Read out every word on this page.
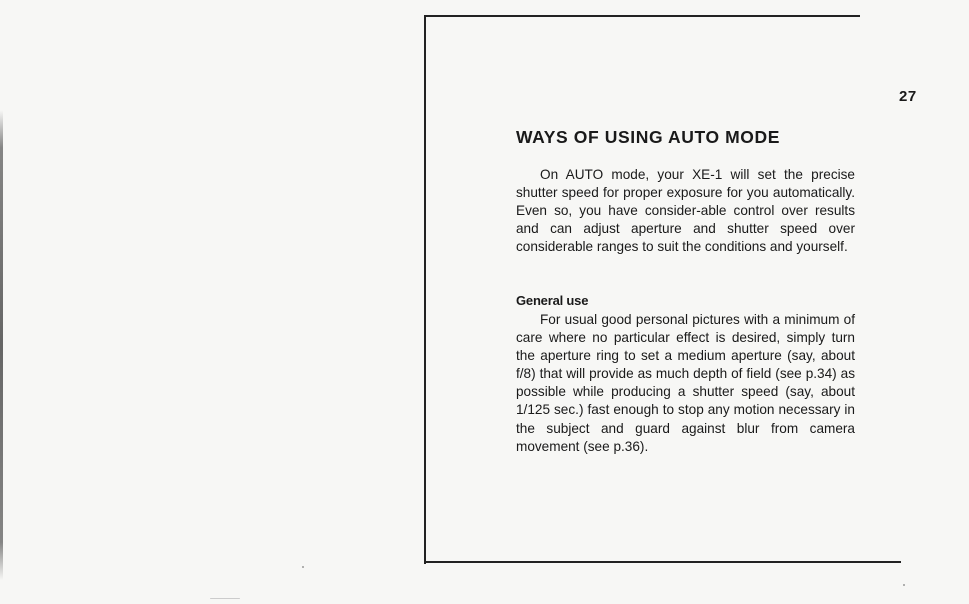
27
WAYS OF USING AUTO MODE
On AUTO mode, your XE-1 will set the precise shutter speed for proper exposure for you automatically. Even so, you have consider-able control over results and can adjust aperture and shutter speed over considerable ranges to suit the conditions and yourself.
General use
For usual good personal pictures with a minimum of care where no particular effect is desired, simply turn the aperture ring to set a medium aperture (say, about f/8) that will provide as much depth of field (see p.34) as possible while producing a shutter speed (say, about 1/125 sec.) fast enough to stop any motion necessary in the subject and guard against blur from camera movement (see p.36).
